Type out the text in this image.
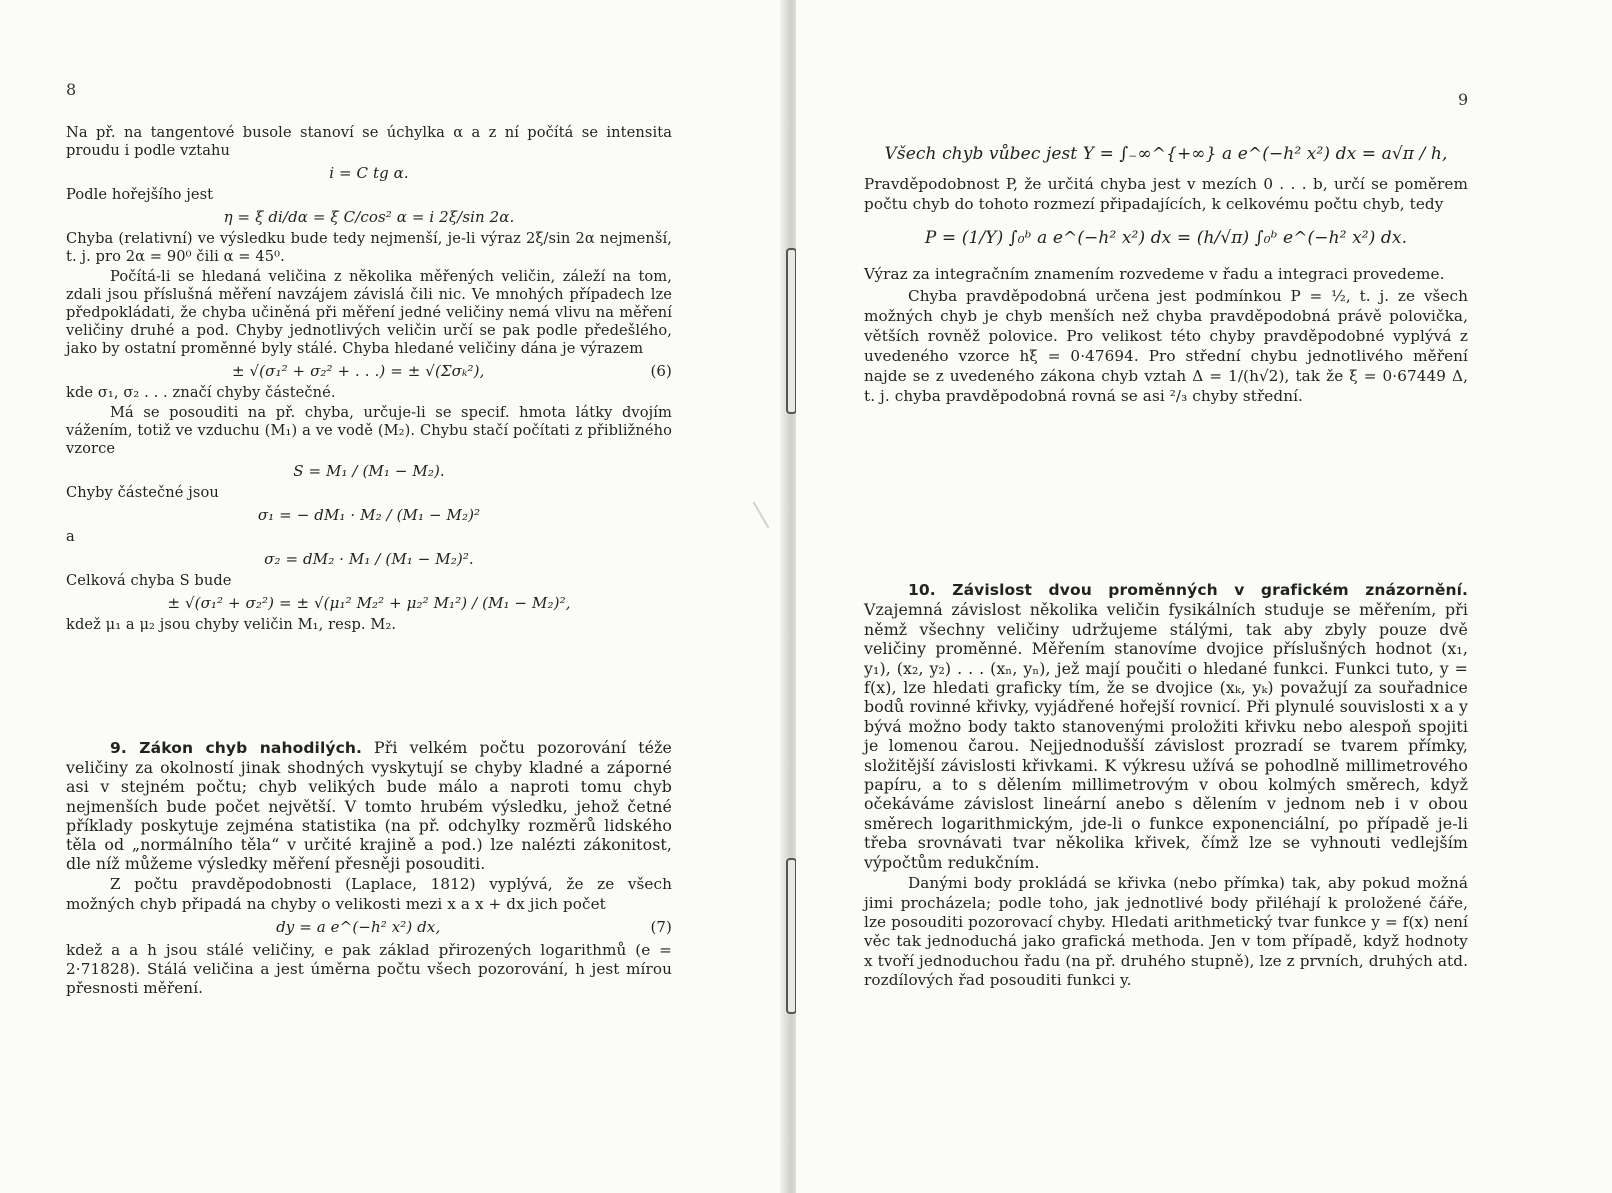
8

Na př. na tangentové busole stanoví se úchylka α a z ní počítá se intensita proudu i podle vztahu

i = C tg α.

Podle hořejšího jest

η = ξ di/dα = ξ C/cos² α = i 2ξ/sin 2α.

Chyba (relativní) ve výsledku bude tedy nejmenší, je-li výraz 2ξ/sin 2α nejmenší, t. j. pro 2α = 90⁰ čili α = 45⁰.

Počítá-li se hledaná veličina z několika měřených veličin, záleží na tom, zdali jsou příslušná měření navzájem závislá čili nic. Ve mnohých případech lze předpokládati, že chyba učiněná při měření jedné veličiny nemá vlivu na měření veličiny druhé a pod. Chyby jednotlivých veličin určí se pak podle předešlého, jako by ostatní proměnné byly stálé. Chyba hledané veličiny dána je výrazem

(6)
± √(σ₁² + σ₂² + . . .) = ± √(Σσₖ²),

kde σ₁, σ₂ . . . značí chyby částečné.

Má se posouditi na př. chyba, určuje-li se specif. hmota látky dvojím vážením, totiž ve vzduchu (M₁) a ve vodě (M₂). Chybu stačí počítati z přibližného vzorce

S = M₁ / (M₁ − M₂).

Chyby částečné jsou

σ₁ = − dM₁ · M₂ / (M₁ − M₂)²

a

σ₂ = dM₂ · M₁ / (M₁ − M₂)².

Celková chyba S bude

± √(σ₁² + σ₂²) = ± √(μ₁² M₂² + μ₂² M₁²) / (M₁ − M₂)²,

kdež μ₁ a μ₂ jsou chyby veličin M₁, resp. M₂.

9. Zákon chyb nahodilých. Při velkém počtu pozorování téže veličiny za okolností jinak shodných vyskytují se chyby kladné a záporné asi v stejném počtu; chyb velikých bude málo a naproti tomu chyb nejmenších bude počet největší. V tomto hrubém výsledku, jehož četné příklady poskytuje zejména statistika (na př. odchylky rozměrů lidského těla od „normálního těla“ v určité krajině a pod.) lze nalézti zákonitost, dle níž můžeme výsledky měření přesněji posouditi.

Z počtu pravděpodobnosti (Laplace, 1812) vyplývá, že ze všech možných chyb připadá na chyby o velikosti mezi x a x + dx jich počet

(7)
dy = a e^(−h² x²) dx,

kdež a a h jsou stálé veličiny, e pak základ přirozených logarithmů (e = 2·71828). Stálá veličina a jest úměrna počtu všech pozorování, h jest mírou přesnosti měření.

9

Všech chyb vůbec jest Y = ∫₋∞^{+∞} a e^(−h² x²) dx = a√π / h,

Pravděpodobnost P, že určitá chyba jest v mezích 0 . . . b, určí se poměrem počtu chyb do tohoto rozmezí připadajících, k celkovému počtu chyb, tedy

P = (1/Y) ∫₀ᵇ a e^(−h² x²) dx = (h/√π) ∫₀ᵇ e^(−h² x²) dx.

Výraz za integračním znamením rozvedeme v řadu a integraci provedeme.

Chyba pravděpodobná určena jest podmínkou P = ½, t. j. ze všech možných chyb je chyb menších než chyba pravděpodobná právě polovička, větších rovněž polovice. Pro velikost této chyby pravděpodobné vyplývá z uvedeného vzorce hξ = 0·47694. Pro střední chybu jednotlivého měření najde se z uvedeného zákona chyb vztah Δ = 1/(h√2), tak že ξ = 0·67449 Δ, t. j. chyba pravděpodobná rovná se asi ²/₃ chyby střední.

10. Závislost dvou proměnných v grafickém znázornění. Vzajemná závislost několika veličin fysikálních studuje se měřením, při němž všechny veličiny udržujeme stálými, tak aby zbyly pouze dvě veličiny proměnné. Měřením stanovíme dvojice příslušných hodnot (x₁, y₁), (x₂, y₂) . . . (xₙ, yₙ), jež mají poučiti o hledané funkci. Funkci tuto, y = f(x), lze hledati graficky tím, že se dvojice (xₖ, yₖ) považují za souřadnice bodů rovinné křivky, vyjádřené hořejší rovnicí. Při plynulé souvislosti x a y bývá možno body takto stanovenými proložiti křivku nebo alespoň spojiti je lomenou čarou. Nejjednodušší závislost prozradí se tvarem přímky, složitější závislosti křivkami. K výkresu užívá se pohodlně millimetrového papíru, a to s dělením millimetrovým v obou kolmých směrech, když očekáváme závislost lineární anebo s dělením v jednom neb i v obou směrech logarithmickým, jde-li o funkce exponenciální, po případě je-li třeba srovnávati tvar několika křivek, čímž lze se vyhnouti vedlejším výpočtům redukčním.

Danými body prokládá se křivka (nebo přímka) tak, aby pokud možná jimi procházela; podle toho, jak jednotlivé body přiléhají k proložené čáře, lze posouditi pozorovací chyby. Hledati arithmetický tvar funkce y = f(x) není věc tak jednoduchá jako grafická methoda. Jen v tom případě, když hodnoty x tvoří jednoduchou řadu (na př. druhého stupně), lze z prvních, druhých atd. rozdílových řad posouditi funkci y.
